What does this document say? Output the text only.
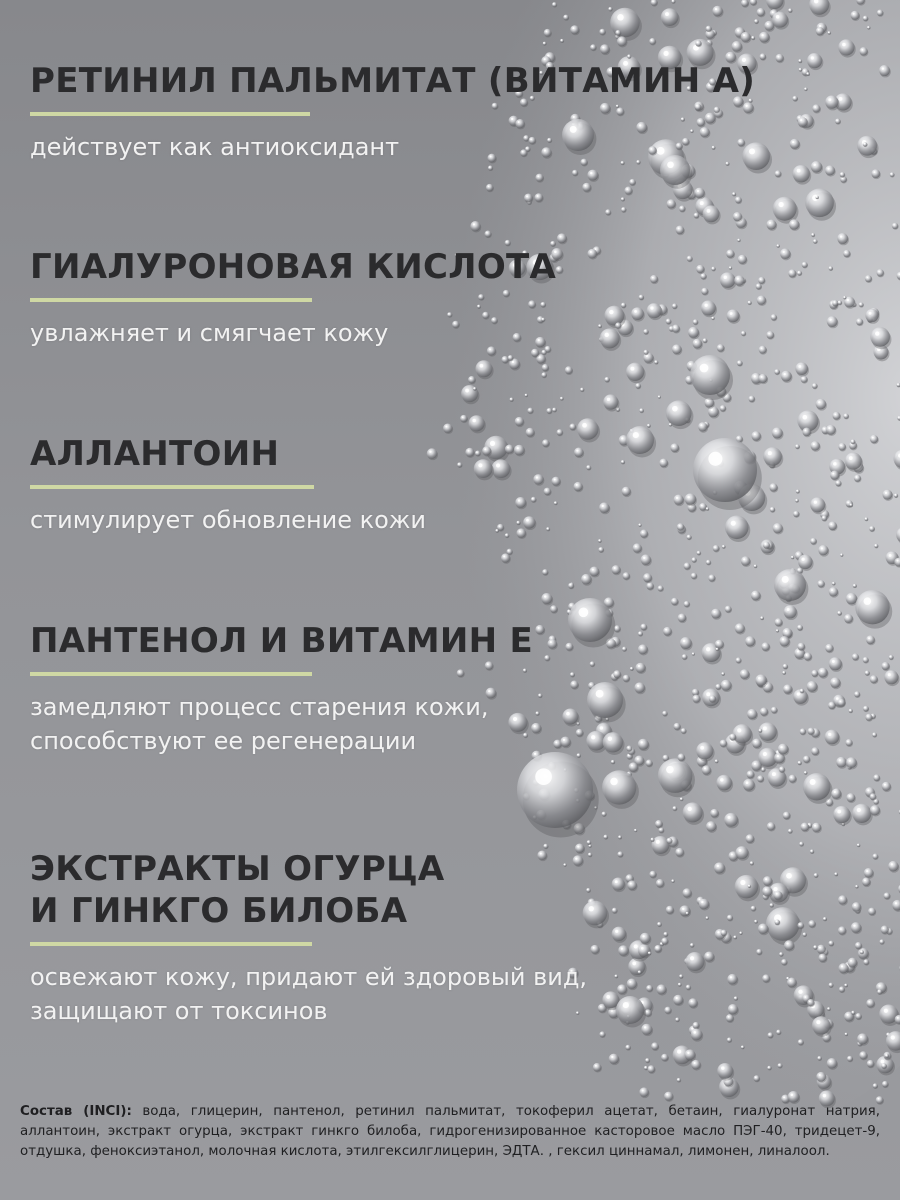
РЕТИНИЛ ПАЛЬМИТАТ (ВИТАМИН А)

действует как антиоксидант

ГИАЛУРОНОВАЯ КИСЛОТА

увлажняет и смягчает кожу

АЛЛАНТОИН

стимулирует обновление кожи

ПАНТЕНОЛ И ВИТАМИН Е

замедляют процесс старения кожи,

способствуют ее регенерации

ЭКСТРАКТЫ ОГУРЦА
И ГИНКГО БИЛОБА

освежают кожу, придают ей здоровый вид,

защищают от токсинов

Состав (INCI): вода, глицерин, пантенол, ретинил пальмитат, токоферил ацетат, бетаин, гиалуронат натрия, аллантоин, экстракт огурца, экстракт гинкго билоба, гидрогенизированное касторовое масло ПЭГ-40, тридецет-9, отдушка, феноксиэтанол, молочная кислота, этилгексилглицерин, ЭДТА. , гексил циннамал, лимонен, линалоол.
